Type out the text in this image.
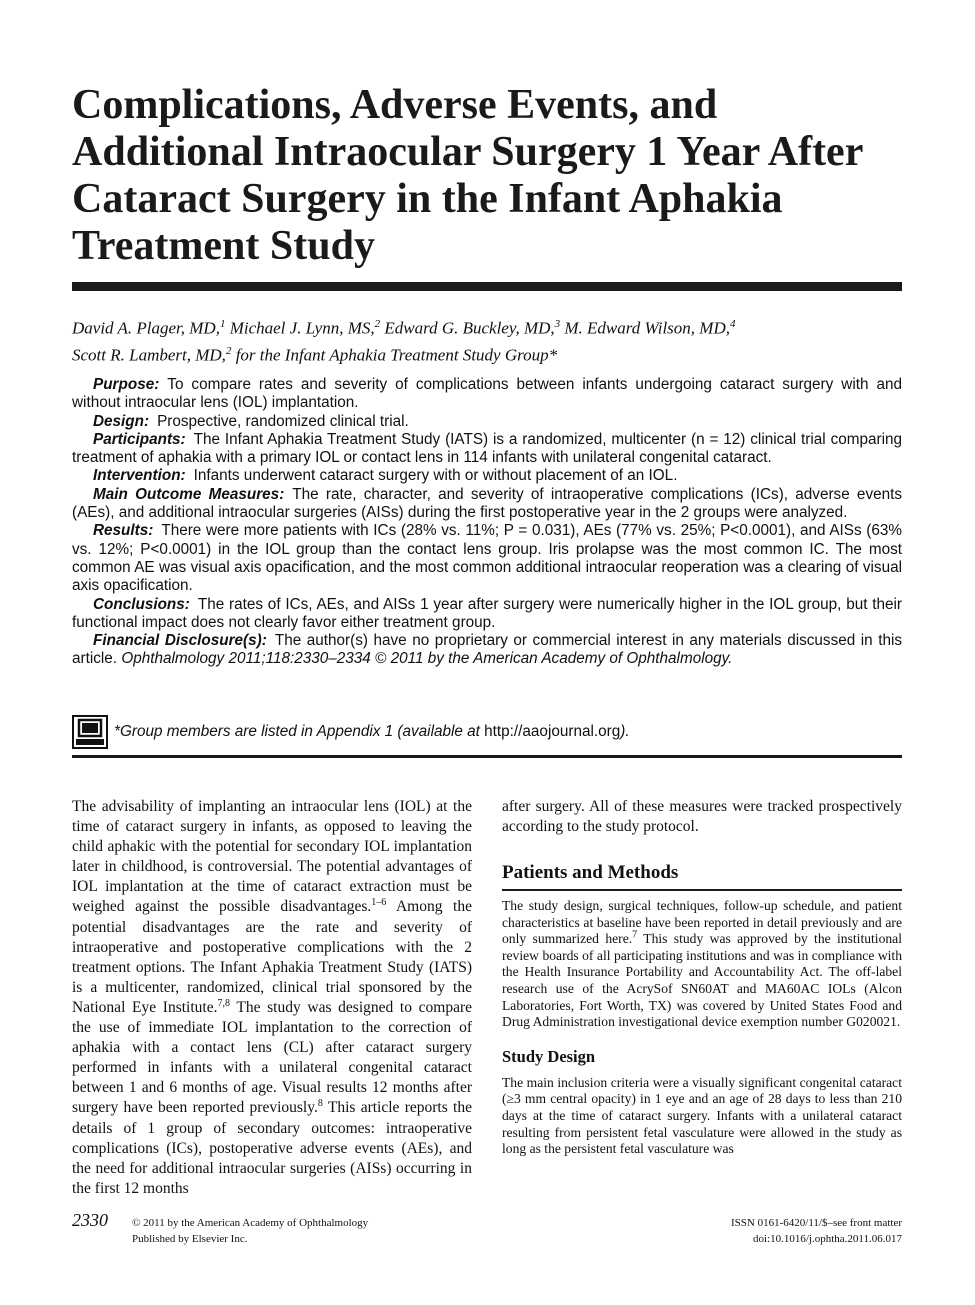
Complications, Adverse Events, and Additional Intraocular Surgery 1 Year After Cataract Surgery in the Infant Aphakia Treatment Study
David A. Plager, MD,$^1$ Michael J. Lynn, MS,$^2$ Edward G. Buckley, MD,$^3$ M. Edward Wilson, MD,$^4$
Scott R. Lambert, MD,$^2$ for the Infant Aphakia Treatment Study Group*

Purpose: To compare rates and severity of complications between infants undergoing cataract surgery with and without intraocular lens (IOL) implantation.

Design: Prospective, randomized clinical trial.

Participants: The Infant Aphakia Treatment Study (IATS) is a randomized, multicenter (n = 12) clinical trial comparing treatment of aphakia with a primary IOL or contact lens in 114 infants with unilateral congenital cataract.

Intervention: Infants underwent cataract surgery with or without placement of an IOL.

Main Outcome Measures: The rate, character, and severity of intraoperative complications (ICs), adverse events (AEs), and additional intraocular surgeries (AISs) during the first postoperative year in the 2 groups were analyzed.

Results: There were more patients with ICs (28% vs. 11%; P = 0.031), AEs (77% vs. 25%; P<0.0001), and AISs (63% vs. 12%; P<0.0001) in the IOL group than the contact lens group. Iris prolapse was the most common IC. The most common AE was visual axis opacification, and the most common additional intraocular reoperation was a clearing of visual axis opacification.

Conclusions: The rates of ICs, AEs, and AISs 1 year after surgery were numerically higher in the IOL group, but their functional impact does not clearly favor either treatment group.

Financial Disclosure(s): The author(s) have no proprietary or commercial interest in any materials discussed in this article. Ophthalmology 2011;118:2330–2334 © 2011 by the American Academy of Ophthalmology.

*Group members are listed in Appendix 1 (available at http://aaojournal.org).

The advisability of implanting an intraocular lens (IOL) at the time of cataract surgery in infants, as opposed to leaving the child aphakic with the potential for secondary IOL implantation later in childhood, is controversial. The potential advantages of IOL implantation at the time of cataract extraction must be weighed against the possible disadvantages.$^{1-6}$ Among the potential disadvantages are the rate and severity of intraoperative and postoperative complications with the 2 treatment options. The Infant Aphakia Treatment Study (IATS) is a multicenter, randomized, clinical trial sponsored by the National Eye Institute.$^{7,8}$ The study was designed to compare the use of immediate IOL implantation to the correction of aphakia with a contact lens (CL) after cataract surgery performed in infants with a unilateral congenital cataract between 1 and 6 months of age. Visual results 12 months after surgery have been reported previously.$^8$ This article reports the details of 1 group of secondary outcomes: intraoperative complications (ICs), postoperative adverse events (AEs), and the need for additional intraocular surgeries (AISs) occurring in the first 12 months

after surgery. All of these measures were tracked prospectively according to the study protocol.

Patients and Methods

The study design, surgical techniques, follow-up schedule, and patient characteristics at baseline have been reported in detail previously and are only summarized here.$^7$ This study was approved by the institutional review boards of all participating institutions and was in compliance with the Health Insurance Portability and Accountability Act. The off-label research use of the AcrySof SN60AT and MA60AC IOLs (Alcon Laboratories, Fort Worth, TX) was covered by United States Food and Drug Administration investigational device exemption number G020021.

Study Design

The main inclusion criteria were a visually significant congenital cataract (≥3 mm central opacity) in 1 eye and an age of 28 days to less than 210 days at the time of cataract surgery. Infants with a unilateral cataract resulting from persistent fetal vasculature were allowed in the study as long as the persistent fetal vasculature was

2330 © 2011 by the American Academy of Ophthalmology
Published by Elsevier Inc.
ISSN 0161-6420/11/$–see front matter
doi:10.1016/j.ophtha.2011.06.017
